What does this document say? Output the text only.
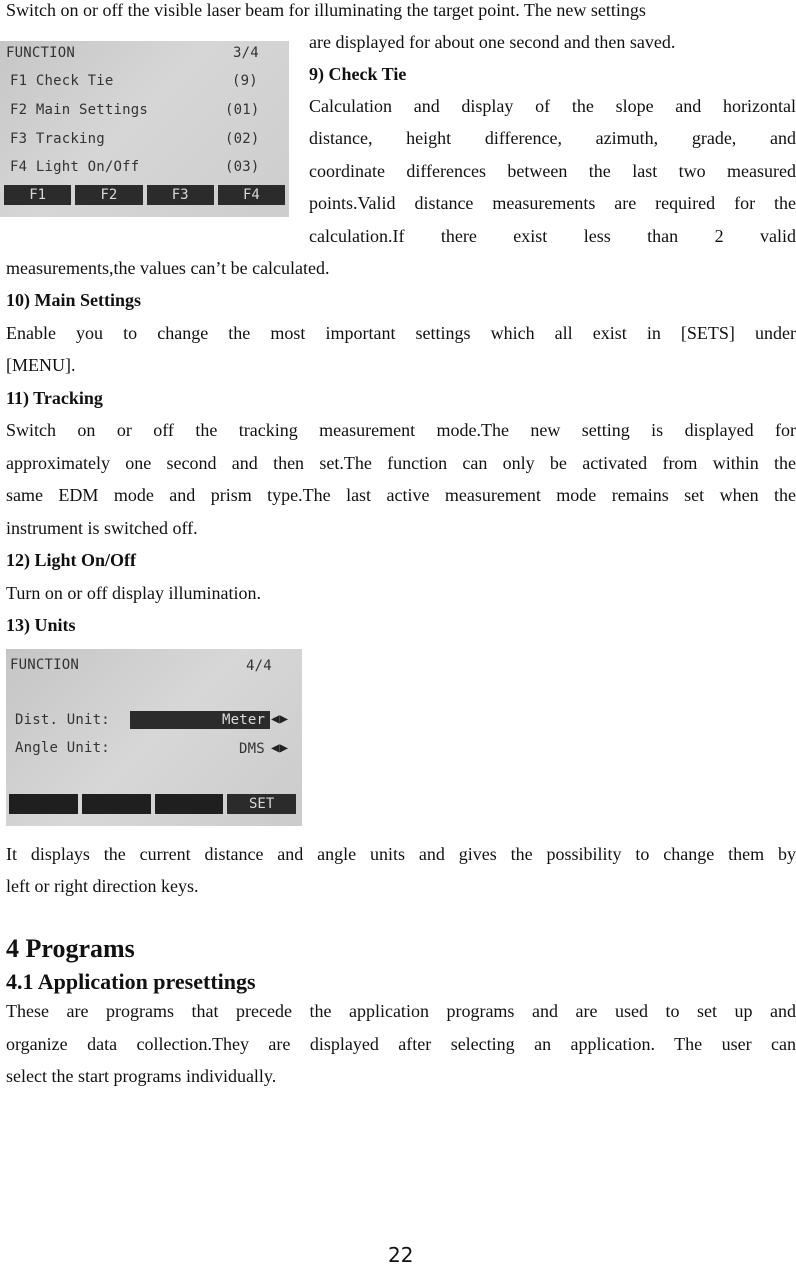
Switch on or off the visible laser beam for illuminating the target point. The new settings
are displayed for about one second and then saved.
FUNCTION	3/4
F1 Check Tie	(9)
F2 Main Settings	(01)
F3 Tracking	(02)
F4 Light On/Off	(03)
F1	F2	F3	F4
9) Check Tie
Calculation and display of the slope and horizontal
distance, height difference, azimuth, grade, and
coordinate differences between the last two measured
points.Valid distance measurements are required for the
calculation.If there exist less than 2 valid
measurements,the values can’t be calculated.
10) Main Settings
Enable you to change the most important settings which all exist in [SETS] under
[MENU].
11) Tracking
Switch on or off the tracking measurement mode.The new setting is displayed for
approximately one second and then set.The function can only be activated from within the
same EDM mode and prism type.The last active measurement mode remains set when the
instrument is switched off.
12) Light On/Off
Turn on or off display illumination.
13) Units
FUNCTION	4/4
Dist. Unit:	Meter ◀▶
Angle Unit:	DMS ◀▶
SET
It displays the current distance and angle units and gives the possibility to change them by
left or right direction keys.
4 Programs
4.1 Application presettings
These are programs that precede the application programs and are used to set up and
organize data collection.They are displayed after selecting an application. The user can
select the start programs individually.
22
